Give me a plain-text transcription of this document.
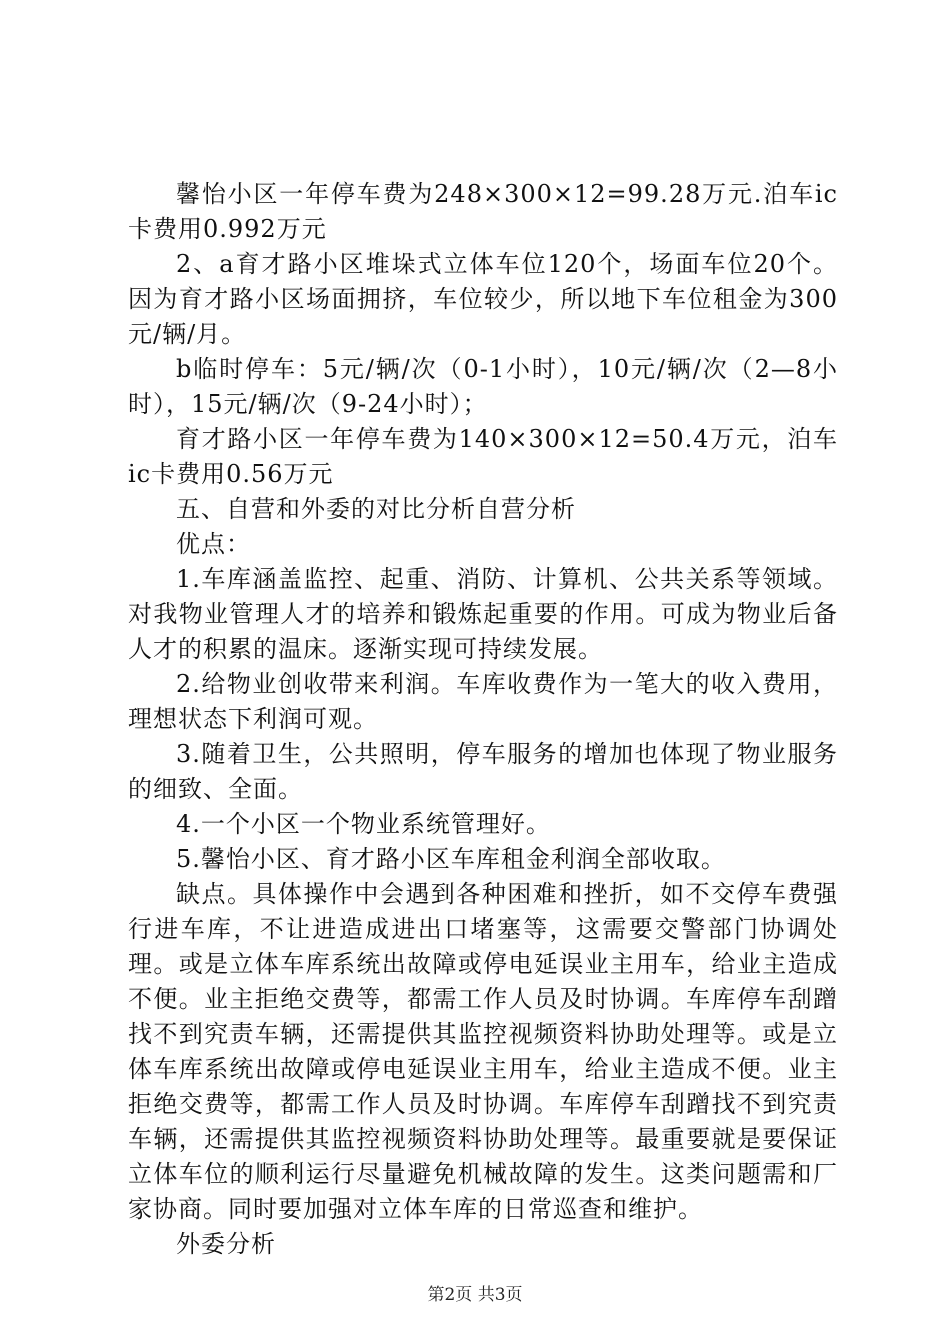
馨怡小区一年停车费为248×300×12=99.28万元.泊车ic卡费用0.992万元

2、a育才路小区堆垛式立体车位120个，场面车位20个。因为育才路小区场面拥挤，车位较少，所以地下车位租金为300元/辆/月。

b临时停车：5元/辆/次（0-1小时），10元/辆/次（2—8小时），15元/辆/次（9-24小时）；

育才路小区一年停车费为140×300×12=50.4万元，泊车ic卡费用0.56万元

五、自营和外委的对比分析自营分析

优点：

1.车库涵盖监控、起重、消防、计算机、公共关系等领域。对我物业管理人才的培养和锻炼起重要的作用。可成为物业后备人才的积累的温床。逐渐实现可持续发展。

2.给物业创收带来利润。车库收费作为一笔大的收入费用，理想状态下利润可观。

3.随着卫生，公共照明，停车服务的增加也体现了物业服务的细致、全面。

4.一个小区一个物业系统管理好。

5.馨怡小区、育才路小区车库租金利润全部收取。

缺点。具体操作中会遇到各种困难和挫折，如不交停车费强行进车库，不让进造成进出口堵塞等，这需要交警部门协调处理。或是立体车库系统出故障或停电延误业主用车，给业主造成不便。业主拒绝交费等，都需工作人员及时协调。车库停车刮蹭找不到究责车辆，还需提供其监控视频资料协助处理等。或是立体车库系统出故障或停电延误业主用车，给业主造成不便。业主拒绝交费等，都需工作人员及时协调。车库停车刮蹭找不到究责车辆，还需提供其监控视频资料协助处理等。最重要就是要保证立体车位的顺利运行尽量避免机械故障的发生。这类问题需和厂家协商。同时要加强对立体车库的日常巡查和维护。

外委分析

第2页 共3页
